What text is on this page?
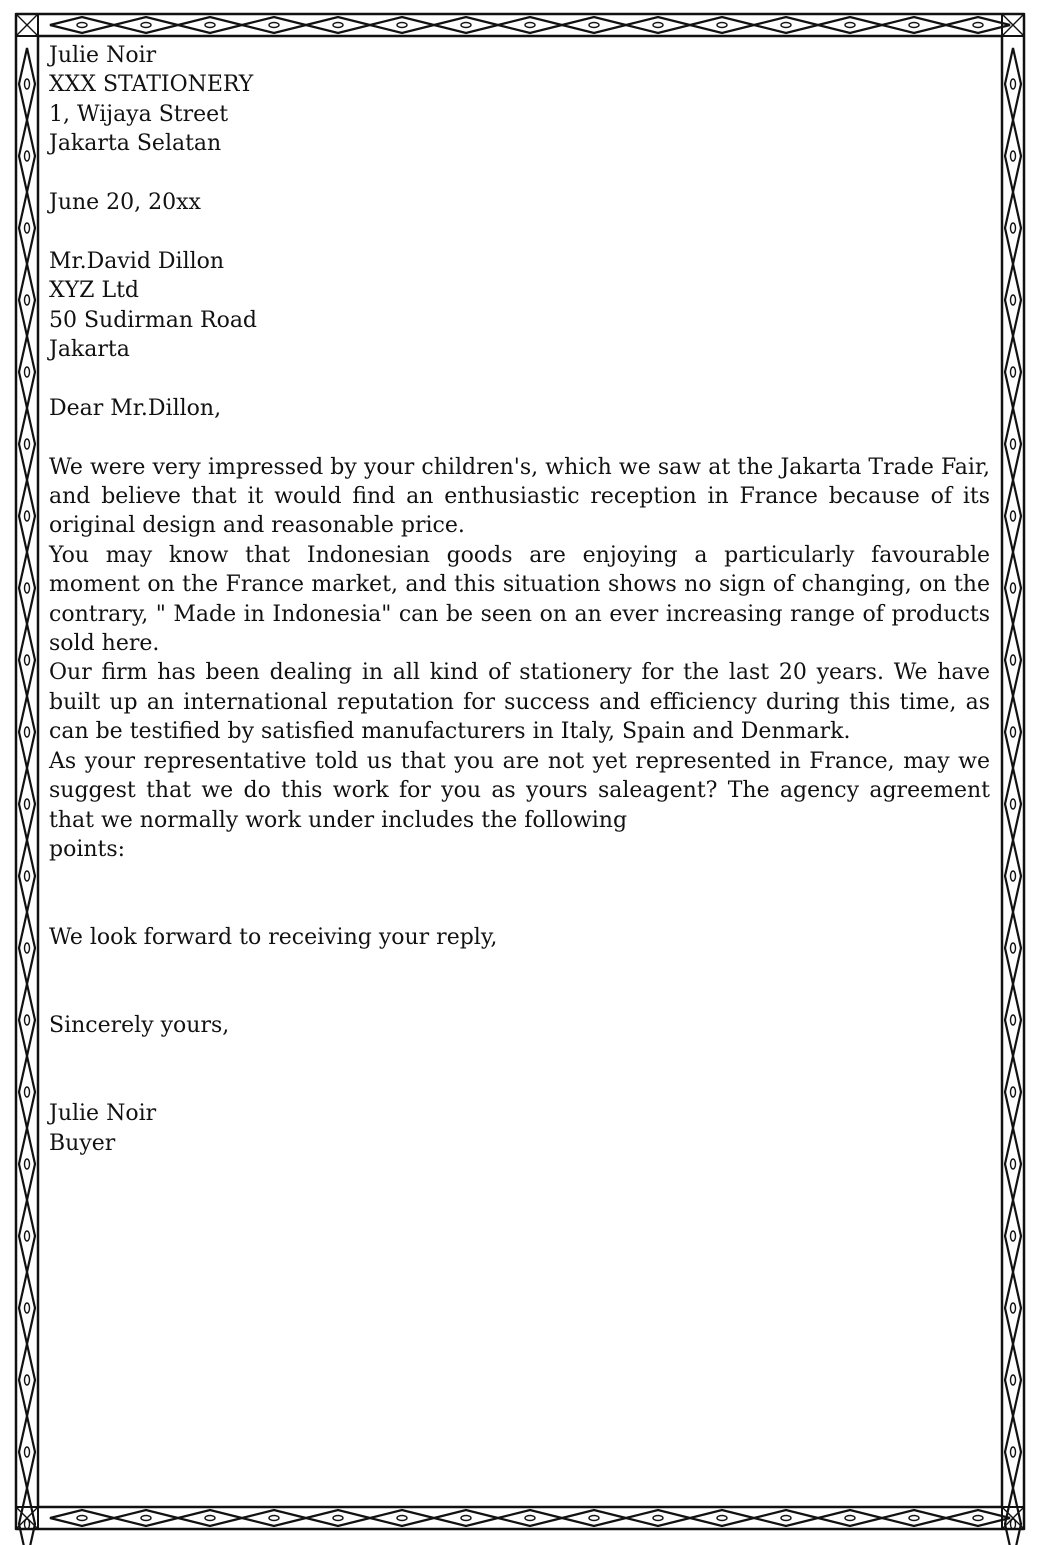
Julie Noir
XXX STATIONERY
1, Wijaya Street
Jakarta Selatan
June 20, 20xx
Mr.David Dillon
XYZ Ltd
50 Sudirman Road
Jakarta
Dear Mr.Dillon,
We were very impressed by your children's, which we saw at the Jakarta Trade Fair, and believe that it would find an enthusiastic reception in France because of its original design and reasonable price.
You may know that Indonesian goods are enjoying a particularly favourable moment on the France market, and this situation shows no sign of changing, on the contrary, " Made in Indonesia" can be seen on an ever increasing range of products sold here.
Our firm has been dealing in all kind of stationery for the last 20 years. We have built up an international reputation for success and efficiency during this time, as can be testified by satisfied manufacturers in Italy, Spain and Denmark.
As your representative told us that you are not yet represented in France, may we suggest that we do this work for you as yours saleagent? The agency agreement that we normally work under includes the following
points:
We look forward to receiving your reply,
Sincerely yours,
Julie Noir
Buyer
